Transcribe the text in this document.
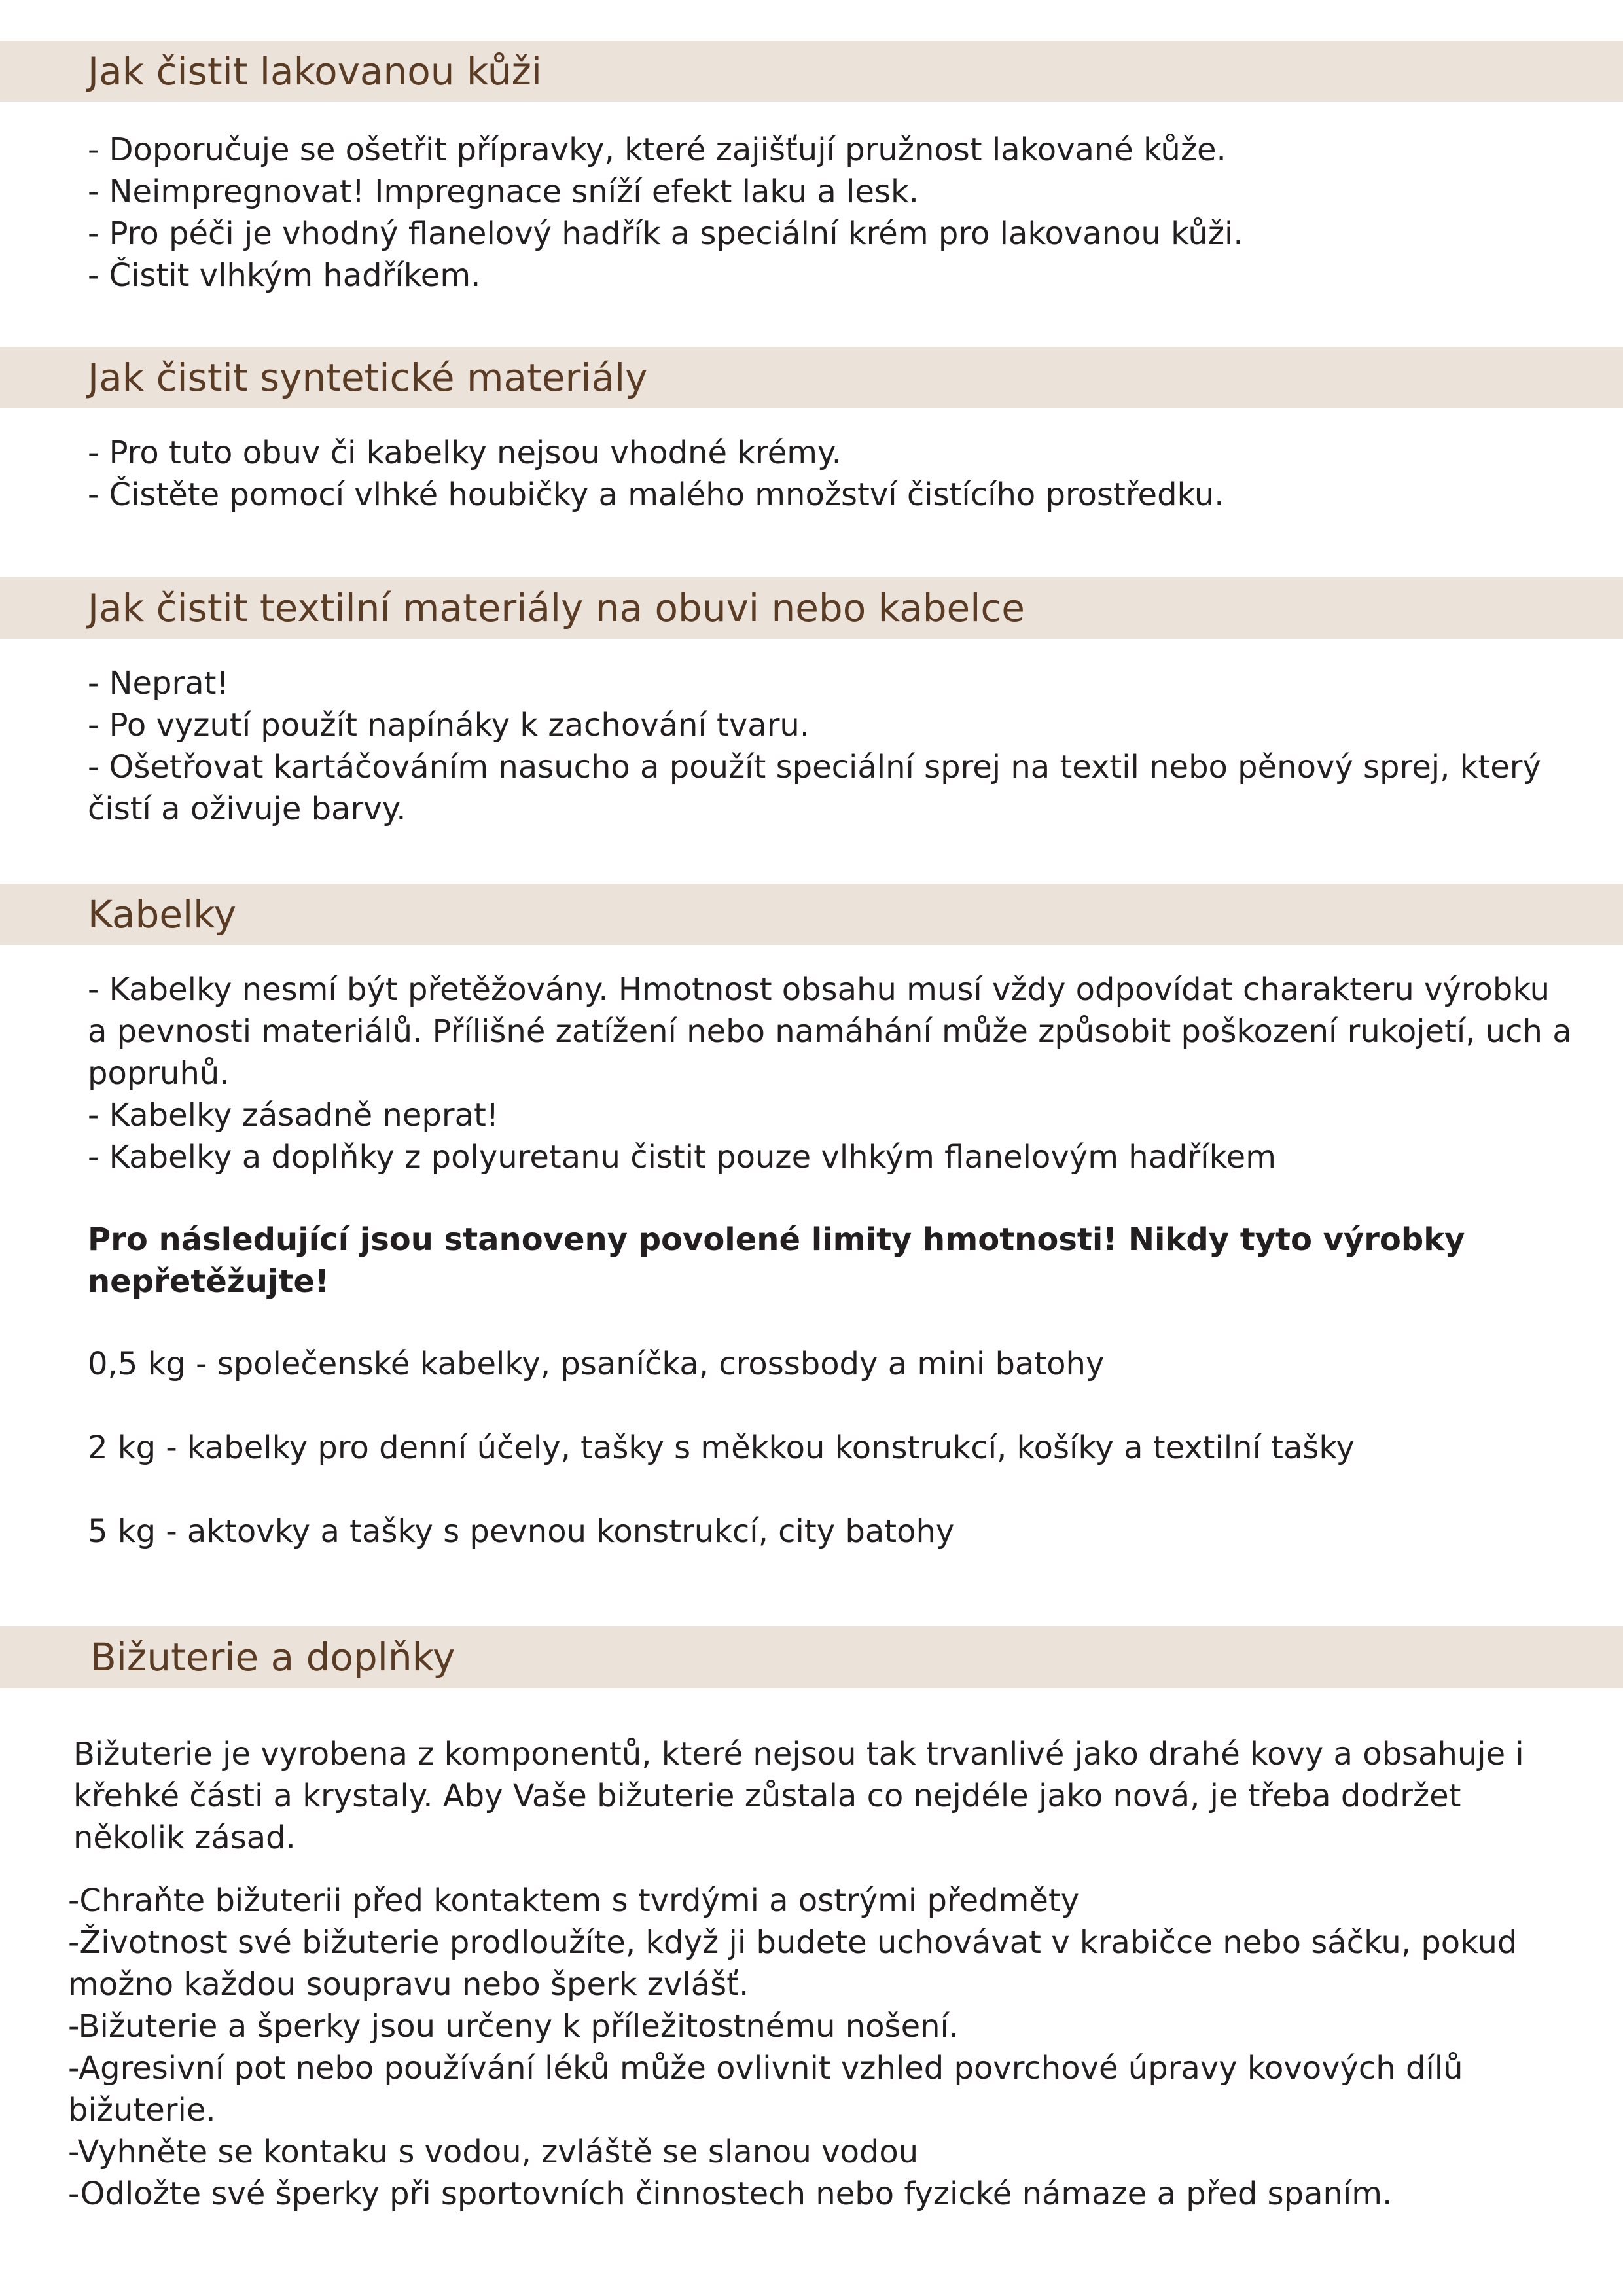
Jak čistit lakovanou kůži
- Doporučuje se ošetřit přípravky, které zajišťují pružnost lakované kůže.
- Neimpregnovat! Impregnace sníží efekt laku a lesk.
- Pro péči je vhodný flanelový hadřík a speciální krém pro lakovanou kůži.
- Čistit vlhkým hadříkem.
Jak čistit syntetické materiály
- Pro tuto obuv či kabelky nejsou vhodné krémy.
- Čistěte pomocí vlhké houbičky a malého množství čistícího prostředku.
Jak čistit textilní materiály na obuvi nebo kabelce
- Neprat!
- Po vyzutí použít napínáky k zachování tvaru.
- Ošetřovat kartáčováním nasucho a použít speciální sprej na textil nebo pěnový sprej, který čistí a oživuje barvy.
Kabelky
- Kabelky nesmí být přetěžovány. Hmotnost obsahu musí vždy odpovídat charakteru výrobku a pevnosti materiálů. Přílišné zatížení nebo namáhání může způsobit poškození rukojetí, uch a popruhů.
- Kabelky zásadně neprat!
- Kabelky a doplňky z polyuretanu čistit pouze vlhkým flanelovým hadříkem

Pro následující jsou stanoveny povolené limity hmotnosti! Nikdy tyto výrobky nepřetěžujte!

0,5 kg - společenské kabelky, psaníčka, crossbody a mini batohy
2 kg - kabelky pro denní účely, tašky s měkkou konstrukcí, košíky a textilní tašky
5 kg - aktovky a tašky s pevnou konstrukcí, city batohy
Bižuterie a doplňky

Bižuterie je vyrobena z komponentů, které nejsou tak trvanlivé jako drahé kovy a obsahuje i křehké části a krystaly. Aby Vaše bižuterie zůstala co nejdéle jako nová, je třeba dodržet několik zásad.

-Chraňte bižuterii před kontaktem s tvrdými a ostrými předměty
-Životnost své bižuterie prodloužíte, když ji budete uchovávat v krabičce nebo sáčku, pokud možno každou soupravu nebo šperk zvlášť.
-Bižuterie a šperky jsou určeny k příležitostnému nošení.
-Agresivní pot nebo používání léků může ovlivnit vzhled povrchové úpravy kovových dílů bižuterie.
-Vyhněte se kontaku s vodou, zvláště se slanou vodou
-Odložte své šperky při sportovních činnostech nebo fyzické námaze a před spaním.
